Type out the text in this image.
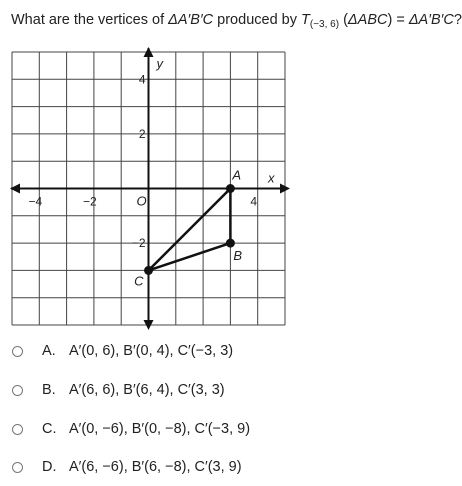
What are the vertices of ΔA′B′C produced by $T_{(-3, 6)}$ (ΔABC) = ΔA′B′C?
y
x
O
−4	−2	4
4
2
−2
A
B
C
A. A′(0, 6), B′(0, 4), C′(−3, 3)
B. A′(6, 6), B′(6, 4), C′(3, 3)
C. A′(0, −6), B′(0, −8), C′(−3, 9)
D. A′(6, −6), B′(6, −8), C′(3, 9)
